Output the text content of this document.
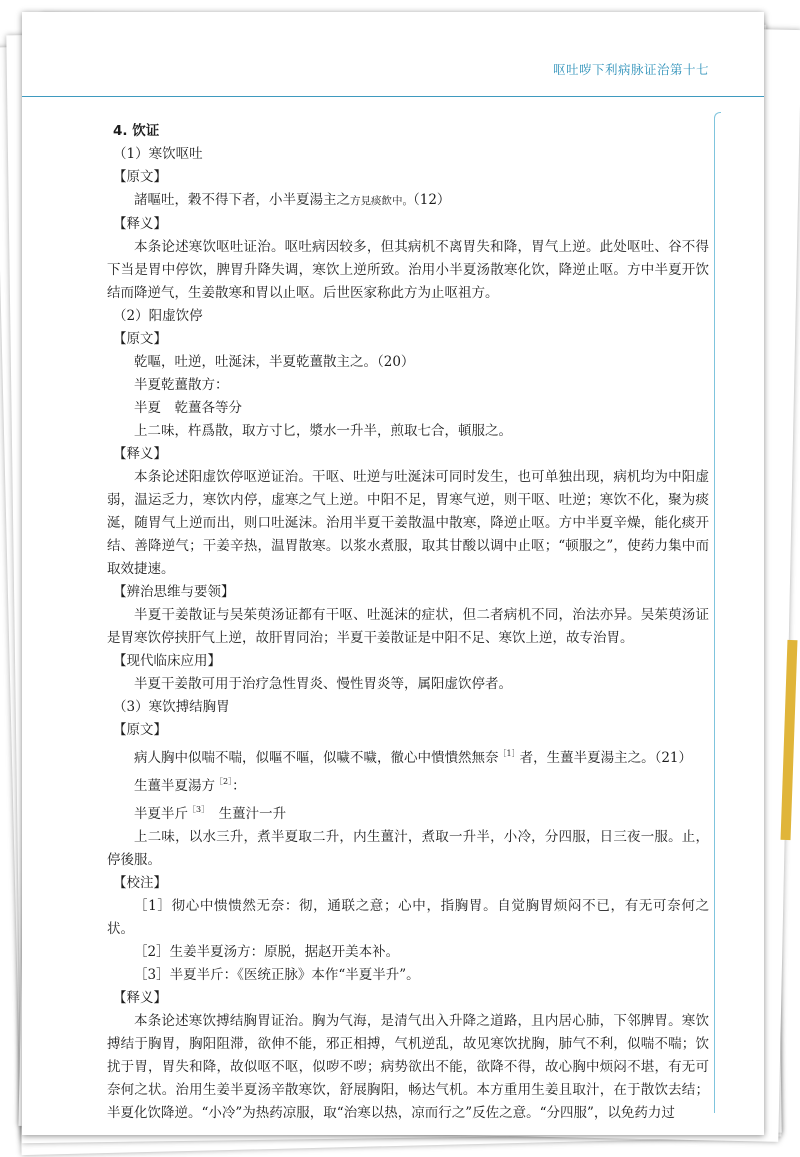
呕吐哕下利病脉证治第十七

4. 饮证

（1）寒饮呕吐

【原文】

諸嘔吐，穀不得下者，小半夏湯主之方見痰飲中。（12）

【释义】

本条论述寒饮呕吐证治。呕吐病因较多，但其病机不离胃失和降，胃气上逆。此处呕吐、谷不得下当是胃中停饮，脾胃升降失调，寒饮上逆所致。治用小半夏汤散寒化饮，降逆止呕。方中半夏开饮结而降逆气，生姜散寒和胃以止呕。后世医家称此方为止呕祖方。

（2）阳虚饮停

【原文】

乾嘔，吐逆，吐涎沫，半夏乾薑散主之。（20）

半夏乾薑散方：

半夏　乾薑各等分

上二味，杵爲散，取方寸匕，漿水一升半，煎取七合，頓服之。

【释义】

本条论述阳虚饮停呕逆证治。干呕、吐逆与吐涎沫可同时发生，也可单独出现，病机均为中阳虚弱，温运乏力，寒饮内停，虚寒之气上逆。中阳不足，胃寒气逆，则干呕、吐逆；寒饮不化，聚为痰涎，随胃气上逆而出，则口吐涎沫。治用半夏干姜散温中散寒，降逆止呕。方中半夏辛燥，能化痰开结、善降逆气；干姜辛热，温胃散寒。以浆水煮服，取其甘酸以调中止呕；“顿服之”，使药力集中而取效捷速。

【辨治思维与要领】

半夏干姜散证与吴茱萸汤证都有干呕、吐涎沫的症状，但二者病机不同，治法亦异。吴茱萸汤证是胃寒饮停挟肝气上逆，故肝胃同治；半夏干姜散证是中阳不足、寒饮上逆，故专治胃。

【现代临床应用】

半夏干姜散可用于治疗急性胃炎、慢性胃炎等，属阳虚饮停者。

（3）寒饮搏结胸胃

【原文】

病人胸中似喘不喘，似嘔不嘔，似噦不噦，徹心中憒憒然無奈$^{[1]}$者，生薑半夏湯主之。（21）

生薑半夏湯方$^{[2]}$：

半夏半斤$^{[3]}$　生薑汁一升

上二味，以水三升，煮半夏取二升，内生薑汁，煮取一升半，小冷，分四服，日三夜一服。止，停後服。

【校注】

［1］彻心中愦愦然无奈：彻，通联之意；心中，指胸胃。自觉胸胃烦闷不已，有无可奈何之状。

［2］生姜半夏汤方：原脱，据赵开美本补。

［3］半夏半斤：《医统正脉》本作“半夏半升”。

【释义】

本条论述寒饮搏结胸胃证治。胸为气海，是清气出入升降之道路，且内居心肺，下邻脾胃。寒饮搏结于胸胃，胸阳阻滞，欲伸不能，邪正相搏，气机逆乱，故见寒饮扰胸，肺气不利，似喘不喘；饮扰于胃，胃失和降，故似呕不呕，似哕不哕；病势欲出不能，欲降不得，故心胸中烦闷不堪，有无可奈何之状。治用生姜半夏汤辛散寒饮，舒展胸阳，畅达气机。本方重用生姜且取汁，在于散饮去结；半夏化饮降逆。“小冷”为热药凉服，取“治寒以热，凉而行之”反佐之意。“分四服”，以免药力过
